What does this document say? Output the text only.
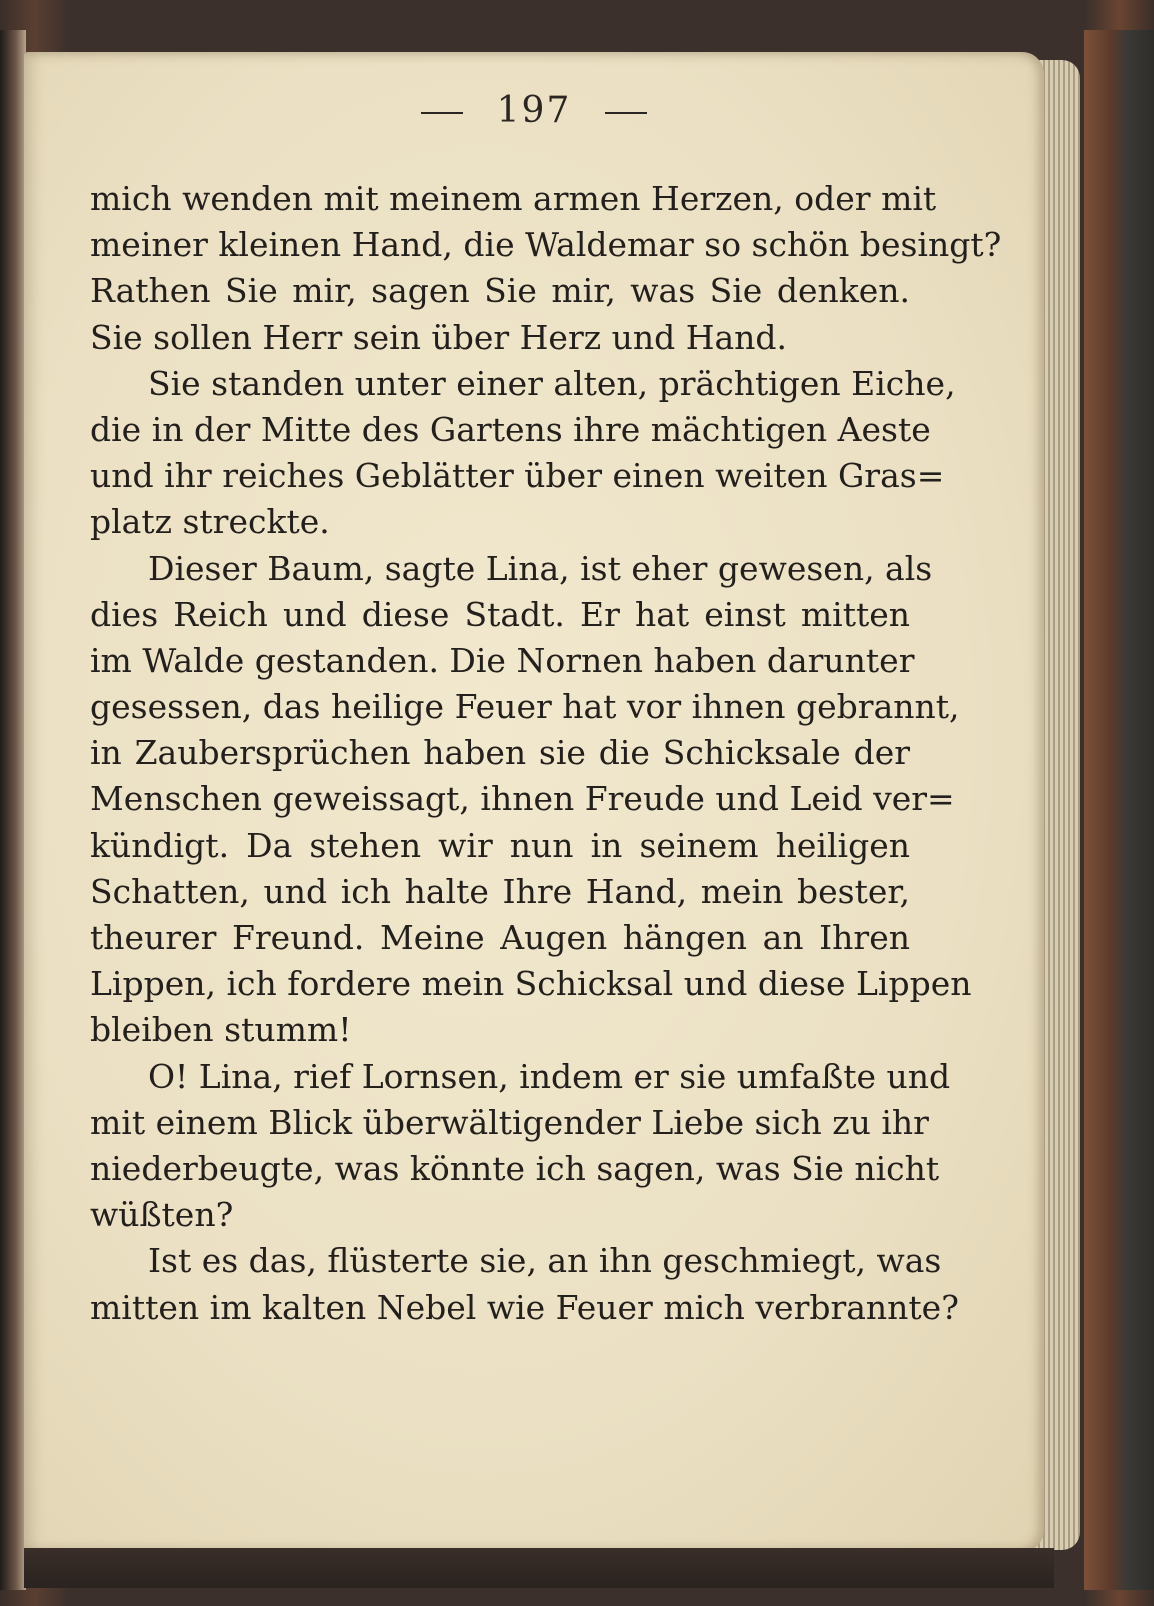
197
mich wenden mit meinem armen Herzen, oder mit
meiner kleinen Hand, die Waldemar so schön besingt?
Rathen Sie mir, sagen Sie mir, was Sie denken.
Sie sollen Herr sein über Herz und Hand.
Sie standen unter einer alten, prächtigen Eiche,
die in der Mitte des Gartens ihre mächtigen Aeste
und ihr reiches Geblätter über einen weiten Gras=
platz streckte.
Dieser Baum, sagte Lina, ist eher gewesen, als
dies Reich und diese Stadt. Er hat einst mitten
im Walde gestanden. Die Nornen haben darunter
gesessen, das heilige Feuer hat vor ihnen gebrannt,
in Zaubersprüchen haben sie die Schicksale der
Menschen geweissagt, ihnen Freude und Leid ver=
kündigt. Da stehen wir nun in seinem heiligen
Schatten, und ich halte Ihre Hand, mein bester,
theurer Freund. Meine Augen hängen an Ihren
Lippen, ich fordere mein Schicksal und diese Lippen
bleiben stumm!
O! Lina, rief Lornsen, indem er sie umfaßte und
mit einem Blick überwältigender Liebe sich zu ihr
niederbeugte, was könnte ich sagen, was Sie nicht
wüßten?
Ist es das, flüsterte sie, an ihn geschmiegt, was
mitten im kalten Nebel wie Feuer mich verbrannte?
